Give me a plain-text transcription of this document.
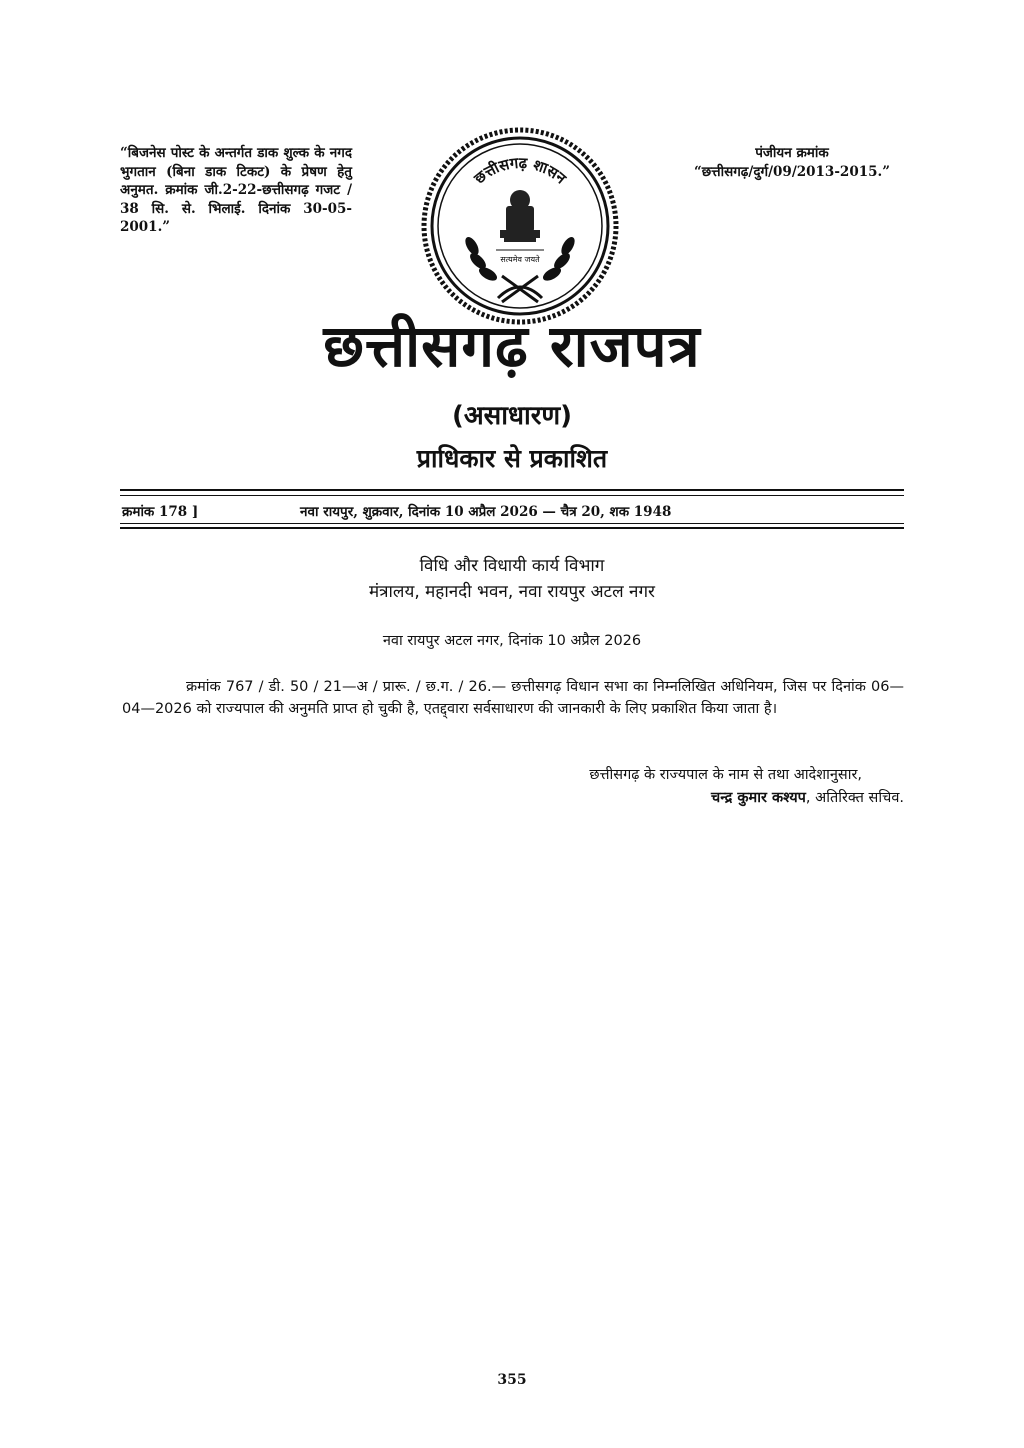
“बिजनेस पोस्ट के अन्तर्गत डाक शुल्क के नगद भुगतान (बिना डाक टिकट) के प्रेषण हेतु अनुमत. क्रमांक जी.2-22-छत्तीसगढ़ गजट / 38 सि. से. भिलाई. दिनांक 30-05-2001.”
पंजीयन क्रमांक
“छत्तीसगढ़/दुर्ग/09/2013-2015.”
छत्तीसगढ़ शासन
सत्यमेव जयते
छत्तीसगढ़ राजपत्र
(असाधारण)
प्राधिकार से प्रकाशित
क्रमांक 178 ]	नवा रायपुर, शुक्रवार, दिनांक 10 अप्रैल 2026 — चैत्र 20, शक 1948
विधि और विधायी कार्य विभाग
मंत्रालय, महानदी भवन, नवा रायपुर अटल नगर
नवा रायपुर अटल नगर, दिनांक 10 अप्रैल 2026
क्रमांक 767 / डी. 50 / 21—अ / प्रारू. / छ.ग. / 26.— छत्तीसगढ़ विधान सभा का निम्नलिखित अधिनियम, जिस पर दिनांक 06—04—2026 को राज्यपाल की अनुमति प्राप्त हो चुकी है, एतद्द्वारा सर्वसाधारण की जानकारी के लिए प्रकाशित किया जाता है।
छत्तीसगढ़ के राज्यपाल के नाम से तथा आदेशानुसार,
चन्द्र कुमार कश्यप, अतिरिक्त सचिव.
355
